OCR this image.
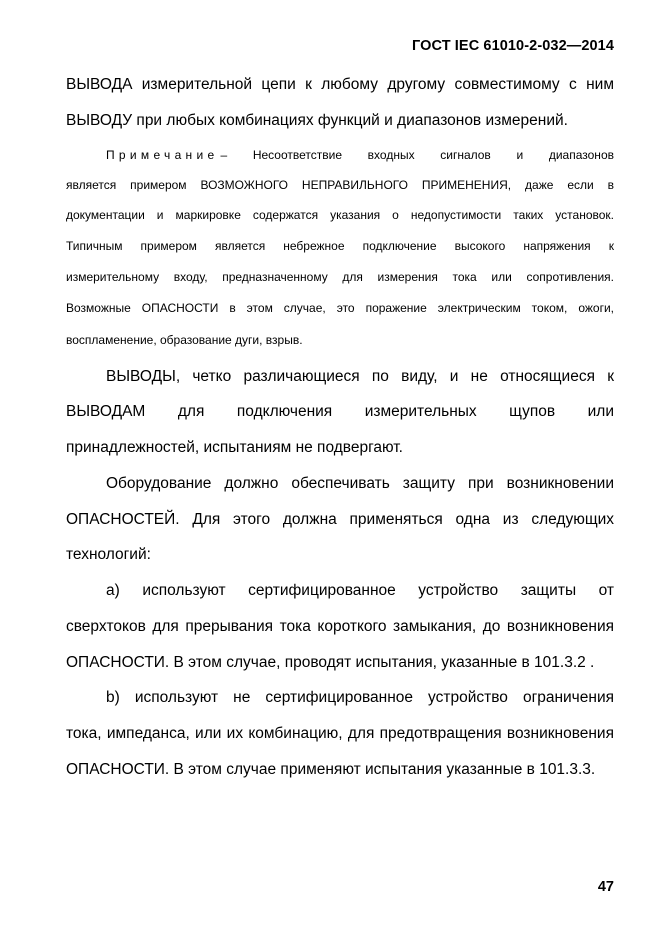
ГОСТ IEC 61010-2-032—2014
ВЫВОДА измерительной цепи к любому другому совместимому с ним
ВЫВОДУ при любых комбинациях функций и диапазонов измерений.
Примечание – Несоответствие входных сигналов и диапазонов
является примером ВОЗМОЖНОГО НЕПРАВИЛЬНОГО ПРИМЕНЕНИЯ, даже если в
документации и маркировке содержатся указания о недопустимости таких установок.
Типичным примером является небрежное подключение высокого напряжения к
измерительному входу, предназначенному для измерения тока или сопротивления.
Возможные ОПАСНОСТИ в этом случае, это поражение электрическим током, ожоги,
воспламенение, образование дуги, взрыв.
ВЫВОДЫ, четко различающиеся по виду, и не относящиеся к
ВЫВОДАМ для подключения измерительных щупов или
принадлежностей, испытаниям не подвергают.
Оборудование должно обеспечивать защиту при возникновении
ОПАСНОСТЕЙ. Для этого должна применяться одна из следующих
технологий:
а) используют сертифицированное устройство защиты от
сверхтоков для прерывания тока короткого замыкания, до возникновения
ОПАСНОСТИ. В этом случае, проводят испытания, указанные в 101.3.2 .
b) используют не сертифицированное устройство ограничения
тока, импеданса, или их комбинацию, для предотвращения возникновения
ОПАСНОСТИ. В этом случае применяют испытания указанные в 101.3.3.
47
